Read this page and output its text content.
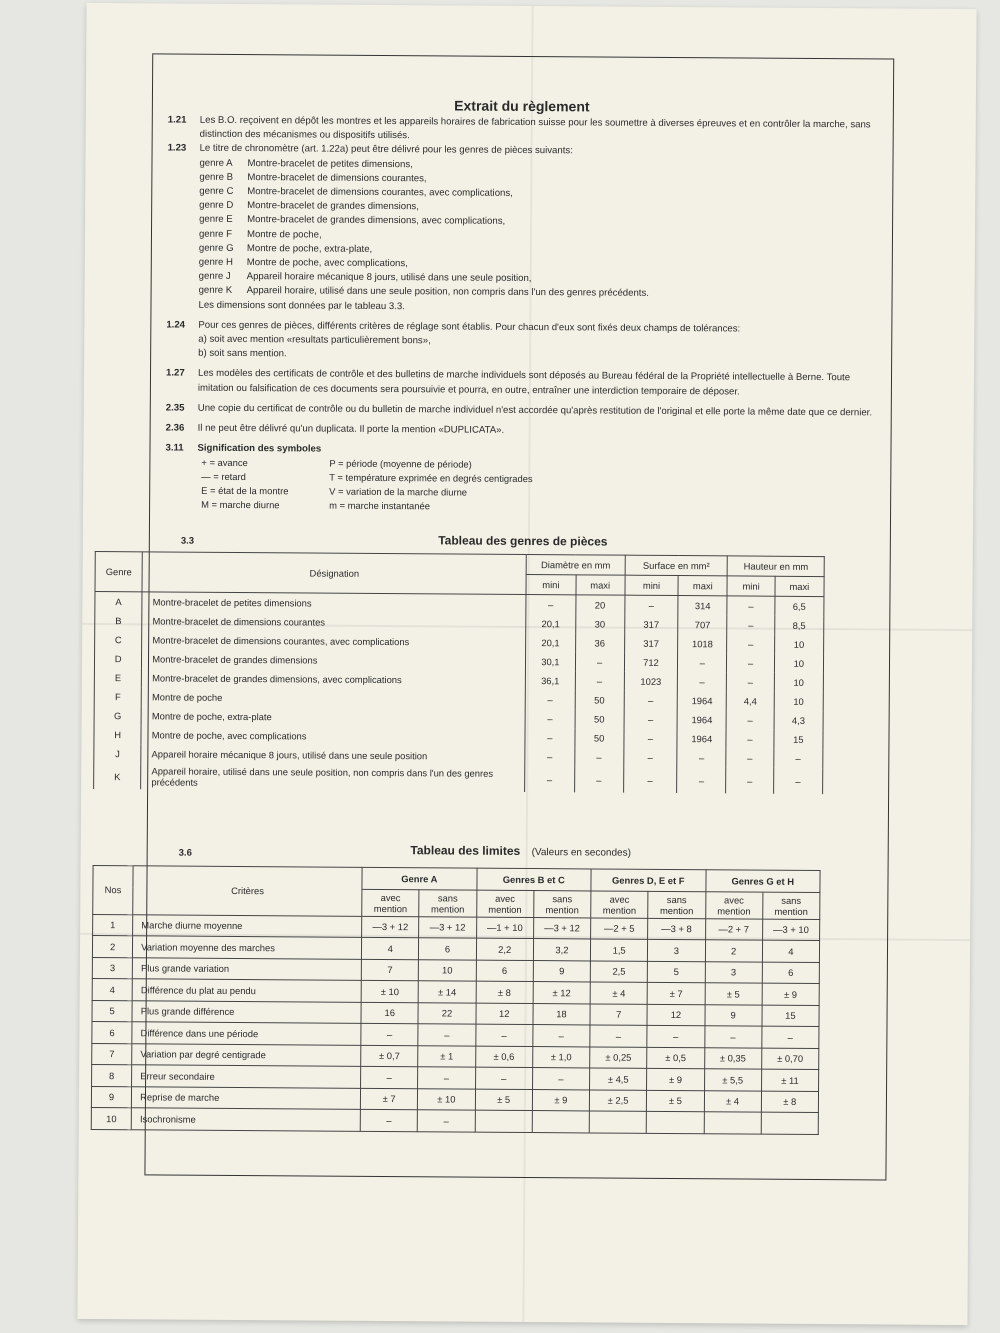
Extrait du règlement
1.21	Les B.O. reçoivent en dépôt les montres et les appareils horaires de fabrication suisse pour les soumettre à diverses épreuves et en contrôler la marche, sans distinction des mécanismes ou dispositifs utilisés.
1.23	Le titre de chronomètre (art. 1.22a) peut être délivré pour les genres de pièces suivants:
genre A	Montre-bracelet de petites dimensions,
genre B	Montre-bracelet de dimensions courantes,
genre C	Montre-bracelet de dimensions courantes, avec complications,
genre D	Montre-bracelet de grandes dimensions,
genre E	Montre-bracelet de grandes dimensions, avec complications,
genre F	Montre de poche,
genre G	Montre de poche, extra-plate,
genre H	Montre de poche, avec complications,
genre J	Appareil horaire mécanique 8 jours, utilisé dans une seule position,
genre K	Appareil horaire, utilisé dans une seule position, non compris dans l'un des genres précédents.
Les dimensions sont données par le tableau 3.3.
1.24	Pour ces genres de pièces, différents critères de réglage sont établis. Pour chacun d'eux sont fixés deux champs de tolérances:
a) soit avec mention «resultats particulièrement bons»,
b) soit sans mention.
1.27	Les modèles des certificats de contrôle et des bulletins de marche individuels sont déposés au Bureau fédéral de la Propriété intellectuelle à Berne. Toute imitation ou falsification de ces documents sera poursuivie et pourra, en outre, entraîner une interdiction temporaire de déposer.
2.35	Une copie du certificat de contrôle ou du bulletin de marche individuel n'est accordée qu'après restitution de l'original et elle porte la même date que ce dernier.
2.36	Il ne peut être délivré qu'un duplicata. Il porte la mention «DUPLICATA».
3.11	Signification des symboles
+ = avance	P = période (moyenne de période)
— = retard	T = température exprimée en degrés centigrades
E = état de la montre	V = variation de la marche diurne
M = marche diurne	m = marche instantanée
3.3	Tableau des genres de pièces
Genre	Désignation	Diamètre en mm		Surface en mm²		Hauteur en mm	
		mini	maxi	mini	maxi	mini	maxi
A	Montre-bracelet de petites dimensions	–	20	–	314	–	6,5
B	Montre-bracelet de dimensions courantes	20,1	30	317	707	–	8,5
C	Montre-bracelet de dimensions courantes, avec complications	20,1	36	317	1018	–	10
D	Montre-bracelet de grandes dimensions	30,1	–	712	–	–	10
E	Montre-bracelet de grandes dimensions, avec complications	36,1	–	1023	–	–	10
F	Montre de poche	–	50	–	1964	4,4	10
G	Montre de poche, extra-plate	–	50	–	1964	–	4,3
H	Montre de poche, avec complications	–	50	–	1964	–	15
J	Appareil horaire mécanique 8 jours, utilisé dans une seule position	–	–	–	–	–	–
K	Appareil horaire, utilisé dans une seule position, non compris dans l'un des genres précédents	–	–	–	–	–	–
3.6	Tableau des limites (Valeurs en secondes)
Nos	Critères	Genre A		Genres B et C		Genres D, E et F		Genres G et H	
		avec mention	sans mention	avec mention	sans mention	avec mention	sans mention	avec mention	sans mention
1	Marche diurne moyenne	—3 + 12	—3 + 12	—1 + 10	—3 + 12	—2 + 5	—3 + 8	—2 + 7	—3 + 10
2	Variation moyenne des marches	4	6	2,2	3,2	1,5	3	2	4
3	Plus grande variation	7	10	6	9	2,5	5	3	6
4	Différence du plat au pendu	± 10	± 14	± 8	± 12	± 4	± 7	± 5	± 9
5	Plus grande différence	16	22	12	18	7	12	9	15
6	Différence dans une période	–	–	–	–	–	–	–	–
7	Variation par degré centigrade	± 0,7	± 1	± 0,6	± 1,0	± 0,25	± 0,5	± 0,35	± 0,70
8	Erreur secondaire	–	–	–	–	± 4,5	± 9	± 5,5	± 11
9	Reprise de marche	± 7	± 10	± 5	± 9	± 2,5	± 5	± 4	± 8
10	Isochronisme	–	–						
